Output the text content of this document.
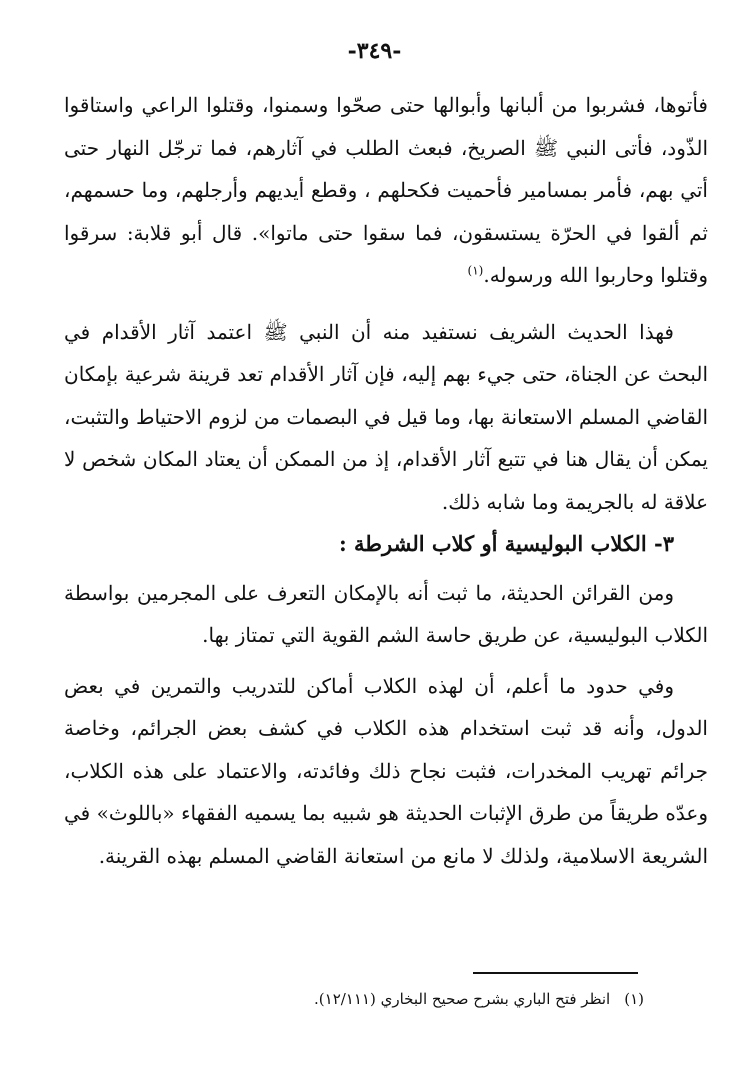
-٣٤٩-

فأتوها، فشربوا من ألبانها وأبوالها حتى صحّوا وسمنوا، وقتلوا الراعي واستاقوا الذّود، فأتى النبي ﷺ الصريخ، فبعث الطلب في آثارهم، فما ترجّل النهار حتى أتي بهم، فأمر بمسامير فأحميت فكحلهم ، وقطع أيديهم وأرجلهم، وما حسمهم، ثم ألقوا في الحرّة يستسقون، فما سقوا حتى ماتوا». قال أبو قلابة: سرقوا وقتلوا وحاربوا الله ورسوله.$^{(١)}$

فهذا الحديث الشريف نستفيد منه أن النبي ﷺ اعتمد آثار الأقدام في البحث عن الجناة، حتى جيء بهم إليه، فإن آثار الأقدام تعد قرينة شرعية بإمكان القاضي المسلم الاستعانة بها، وما قيل في البصمات من لزوم الاحتياط والتثبت، يمكن أن يقال هنا في تتبع آثار الأقدام، إذ من الممكن أن يعتاد المكان شخص لا علاقة له بالجريمة وما شابه ذلك.

٣- الكلاب البوليسية أو كلاب الشرطة :

ومن القرائن الحديثة، ما ثبت أنه بالإمكان التعرف على المجرمين بواسطة الكلاب البوليسية، عن طريق حاسة الشم القوية التي تمتاز بها.

وفي حدود ما أعلم، أن لهذه الكلاب أماكن للتدريب والتمرين في بعض الدول، وأنه قد ثبت استخدام هذه الكلاب في كشف بعض الجرائم، وخاصة جرائم تهريب المخدرات، فثبت نجاح ذلك وفائدته، والاعتماد على هذه الكلاب، وعدّه طريقاً من طرق الإثبات الحديثة هو شبيه بما يسميه الفقهاء «باللوث» في الشريعة الاسلامية، ولذلك لا مانع من استعانة القاضي المسلم بهذه القرينة.

(١)انظر فتح الباري بشرح صحيح البخاري (١٢/١١١).
